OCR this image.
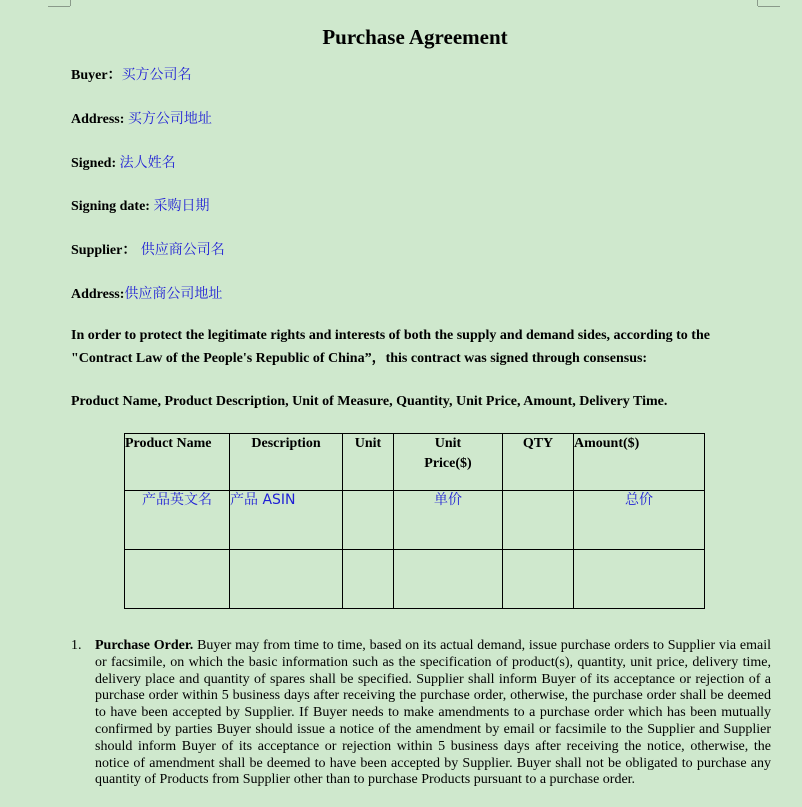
Purchase Agreement
Buyer：买方公司名
Address: 买方公司地址
Signed: 法人姓名
Signing date: 采购日期
Supplier： 供应商公司名
Address:供应商公司地址
In order to protect the legitimate rights and interests of both the supply and demand sides, according to the
"Contract Law of the People's Republic of China”，this contract was signed through consensus:
Product Name, Product Description, Unit of Measure, Quantity, Unit Price, Amount, Delivery Time.
Product Name	Description	Unit	Unit Price($)	QTY	Amount($)
产品英文名	产品 ASIN		单价		总价

1. Purchase Order. Buyer may from time to time, based on its actual demand, issue purchase orders to Supplier via email or facsimile, on which the basic information such as the specification of product(s), quantity, unit price, delivery time, delivery place and quantity of spares shall be specified. Supplier shall inform Buyer of its acceptance or rejection of a purchase order within 5 business days after receiving the purchase order, otherwise, the purchase order shall be deemed to have been accepted by Supplier. If Buyer needs to make amendments to a purchase order which has been mutually confirmed by parties Buyer should issue a notice of the amendment by email or facsimile to the Supplier and Supplier should inform Buyer of its acceptance or rejection within 5 business days after receiving the notice, otherwise, the notice of amendment shall be deemed to have been accepted by Supplier. Buyer shall not be obligated to purchase any quantity of Products from Supplier other than to purchase Products pursuant to a purchase order.
